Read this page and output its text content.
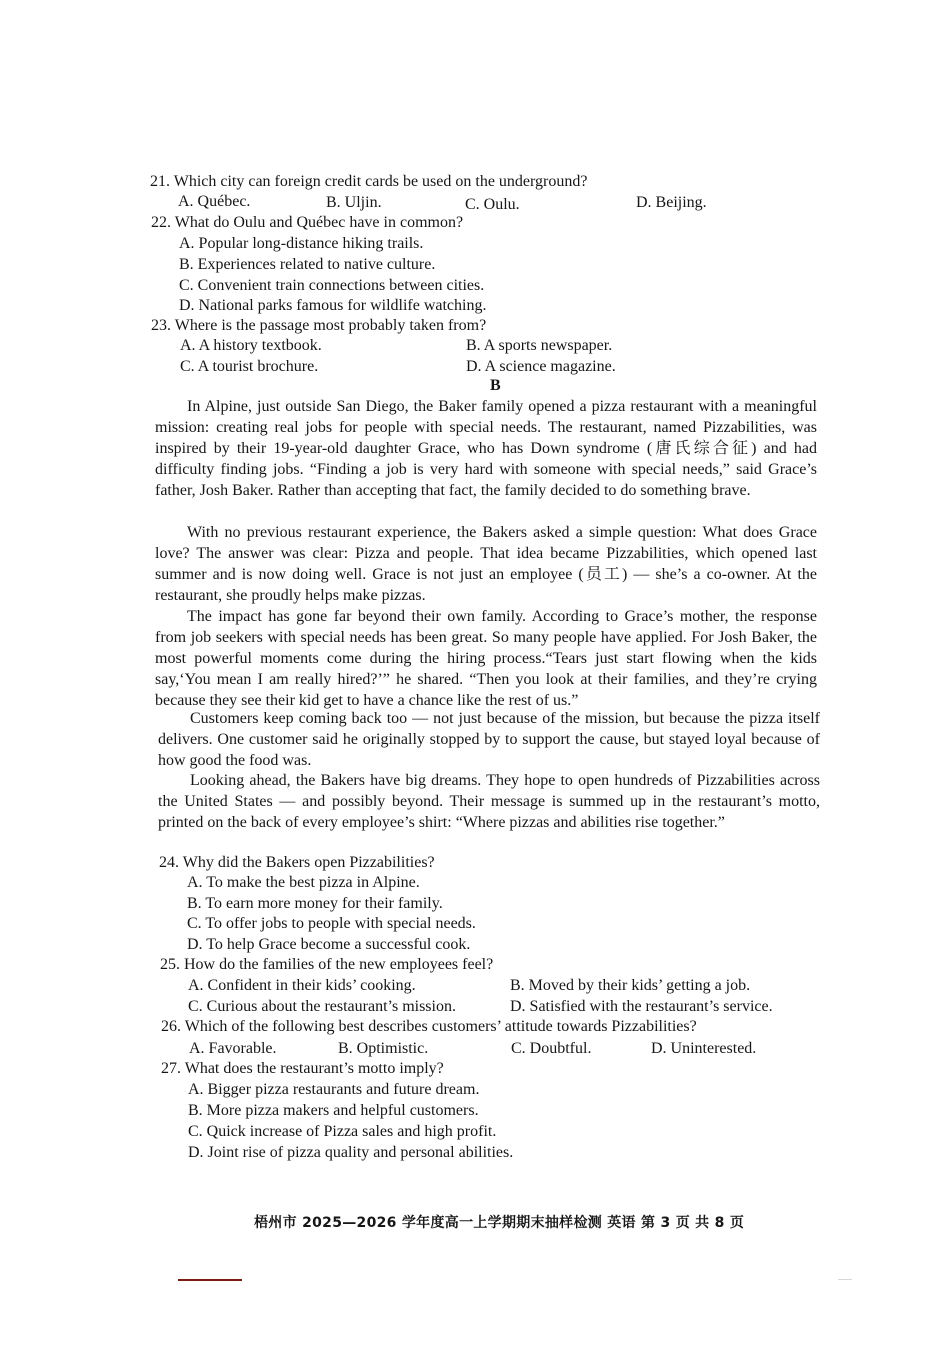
21. Which city can foreign credit cards be used on the underground?
A. Québec.	B. Uljin.	C. Oulu.	D. Beijing.
22. What do Oulu and Québec have in common?
A. Popular long-distance hiking trails.
B. Experiences related to native culture.
C. Convenient train connections between cities.
D. National parks famous for wildlife watching.
23. Where is the passage most probably taken from?
A. A history textbook.	B. A sports newspaper.
C. A tourist brochure.	D. A science magazine.
B
In Alpine, just outside San Diego, the Baker family opened a pizza restaurant with a meaningful mission: creating real jobs for people with special needs. The restaurant, named Pizzabilities, was inspired by their 19-year-old daughter Grace, who has Down syndrome (唐氏综合征) and had difficulty finding jobs. “Finding a job is very hard with someone with special needs,” said Grace’s father, Josh Baker. Rather than accepting that fact, the family decided to do something brave.
With no previous restaurant experience, the Bakers asked a simple question: What does Grace love? The answer was clear: Pizza and people. That idea became Pizzabilities, which opened last summer and is now doing well. Grace is not just an employee (员工) — she’s a co-owner. At the restaurant, she proudly helps make pizzas.
The impact has gone far beyond their own family. According to Grace’s mother, the response from job seekers with special needs has been great. So many people have applied. For Josh Baker, the most powerful moments come during the hiring process.“Tears just start flowing when the kids say,‘You mean I am really hired?’” he shared. “Then you look at their families, and they’re crying because they see their kid get to have a chance like the rest of us.”
Customers keep coming back too — not just because of the mission, but because the pizza itself delivers. One customer said he originally stopped by to support the cause, but stayed loyal because of how good the food was.
Looking ahead, the Bakers have big dreams. They hope to open hundreds of Pizzabilities across the United States — and possibly beyond. Their message is summed up in the restaurant’s motto, printed on the back of every employee’s shirt: “Where pizzas and abilities rise together.”
24. Why did the Bakers open Pizzabilities?
A. To make the best pizza in Alpine.
B. To earn more money for their family.
C. To offer jobs to people with special needs.
D. To help Grace become a successful cook.
25. How do the families of the new employees feel?
A. Confident in their kids’ cooking.	B. Moved by their kids’ getting a job.
C. Curious about the restaurant’s mission.	D. Satisfied with the restaurant’s service.
26. Which of the following best describes customers’ attitude towards Pizzabilities?
A. Favorable.	B. Optimistic.	C. Doubtful.	D. Uninterested.
27. What does the restaurant’s motto imply?
A. Bigger pizza restaurants and future dream.
B. More pizza makers and helpful customers.
C. Quick increase of Pizza sales and high profit.
D. Joint rise of pizza quality and personal abilities.
梧州市 2025—2026 学年度高一上学期期末抽样检测 英语 第 3 页 共 8 页
